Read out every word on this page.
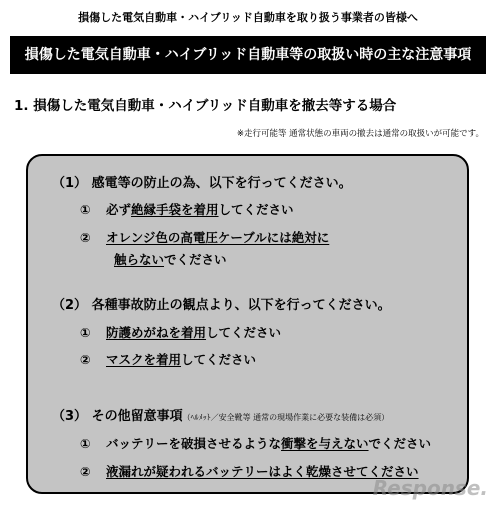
損傷した電気自動車・ハイブリッド自動車を取り扱う事業者の皆様へ
損傷した電気自動車・ハイブリッド自動車等の取扱い時の主な注意事項
1. 損傷した電気自動車・ハイブリッド自動車を撤去等する場合
※走行可能等 通常状態の車両の撤去は通常の取扱いが可能です。
（1） 感電等の防止の為、以下を行ってください。
① 必ず絶縁手袋を着用してください
② オレンジ色の高電圧ケーブルには絶対に
触らないでください
（2） 各種事故防止の観点より、以下を行ってください。
① 防護めがねを着用してください
② マスクを着用してください
（3） その他留意事項（ﾍﾙﾒｯﾄ／安全靴等 通常の現場作業に必要な装備は必須）
① バッテリーを破損させるような衝撃を与えないでください
② 液漏れが疑われるバッテリーはよく乾燥させてください
Response.
